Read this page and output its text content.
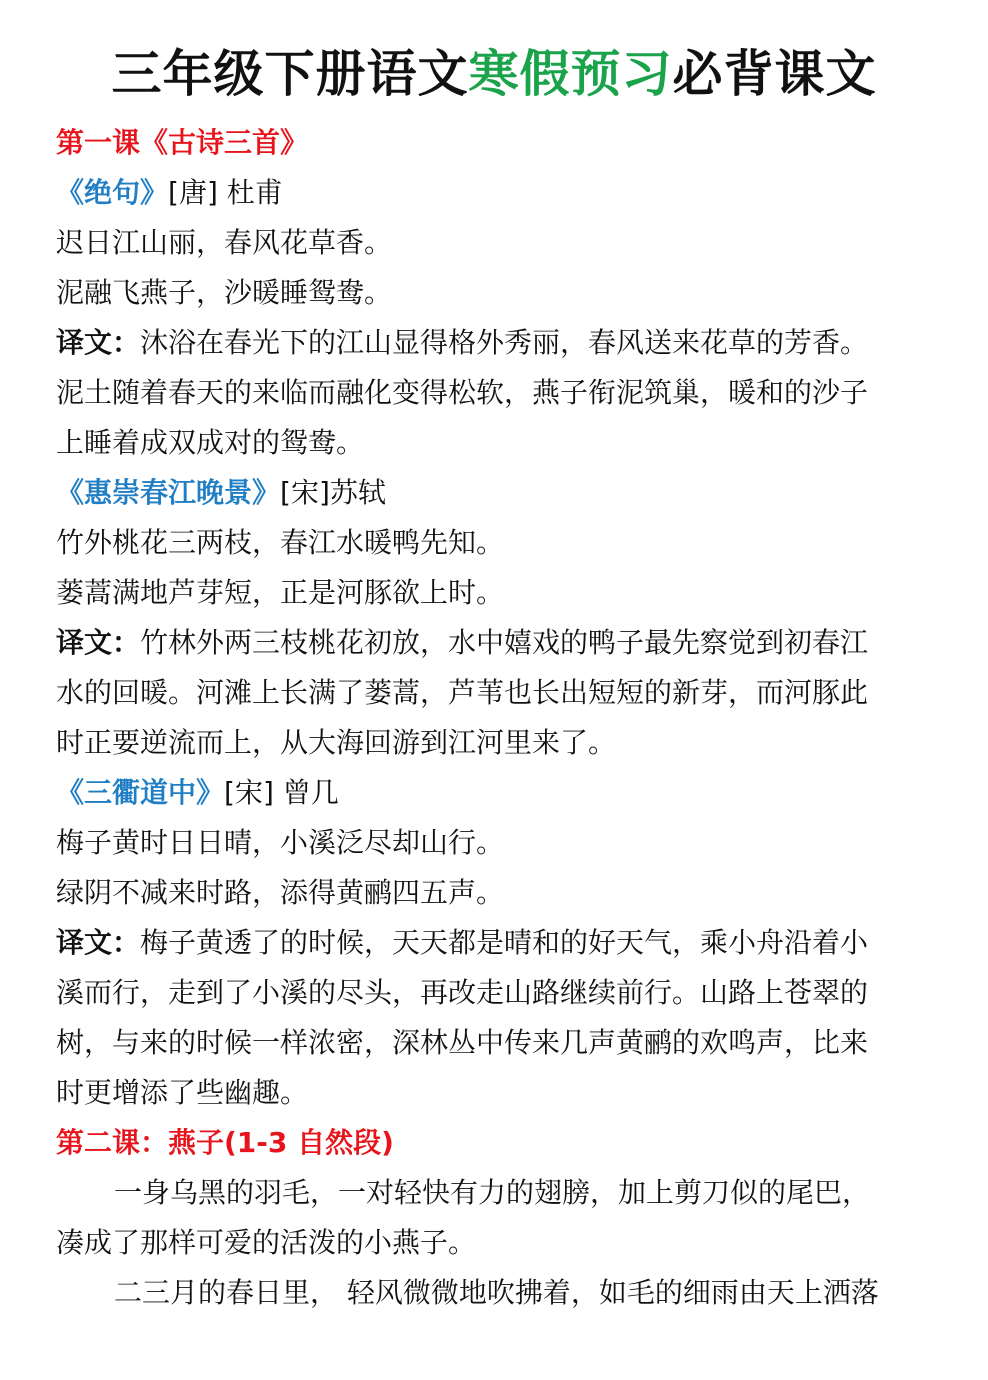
三年级下册语文寒假预习必背课文

第一课《古诗三首》

《绝句》[唐] 杜甫

迟日江山丽，春风花草香。

泥融飞燕子，沙暖睡鸳鸯。

译文：沐浴在春光下的江山显得格外秀丽，春风送来花草的芳香。

泥土随着春天的来临而融化变得松软，燕子衔泥筑巢，暖和的沙子

上睡着成双成对的鸳鸯。

《惠崇春江晚景》[宋]苏轼

竹外桃花三两枝，春江水暖鸭先知。

蒌蒿满地芦芽短，正是河豚欲上时。

译文：竹林外两三枝桃花初放，水中嬉戏的鸭子最先察觉到初春江

水的回暖。河滩上长满了蒌蒿，芦苇也长出短短的新芽，而河豚此

时正要逆流而上，从大海回游到江河里来了。

《三衢道中》[宋] 曾几

梅子黄时日日晴，小溪泛尽却山行。

绿阴不减来时路，添得黄鹂四五声。

译文：梅子黄透了的时候，天天都是晴和的好天气，乘小舟沿着小

溪而行，走到了小溪的尽头，再改走山路继续前行。山路上苍翠的

树，与来的时候一样浓密，深林丛中传来几声黄鹂的欢鸣声，比来

时更增添了些幽趣。

第二课：燕子(1-3 自然段)

一身乌黑的羽毛，一对轻快有力的翅膀，加上剪刀似的尾巴，

凑成了那样可爱的活泼的小燕子。

二三月的春日里， 轻风微微地吹拂着，如毛的细雨由天上洒落
